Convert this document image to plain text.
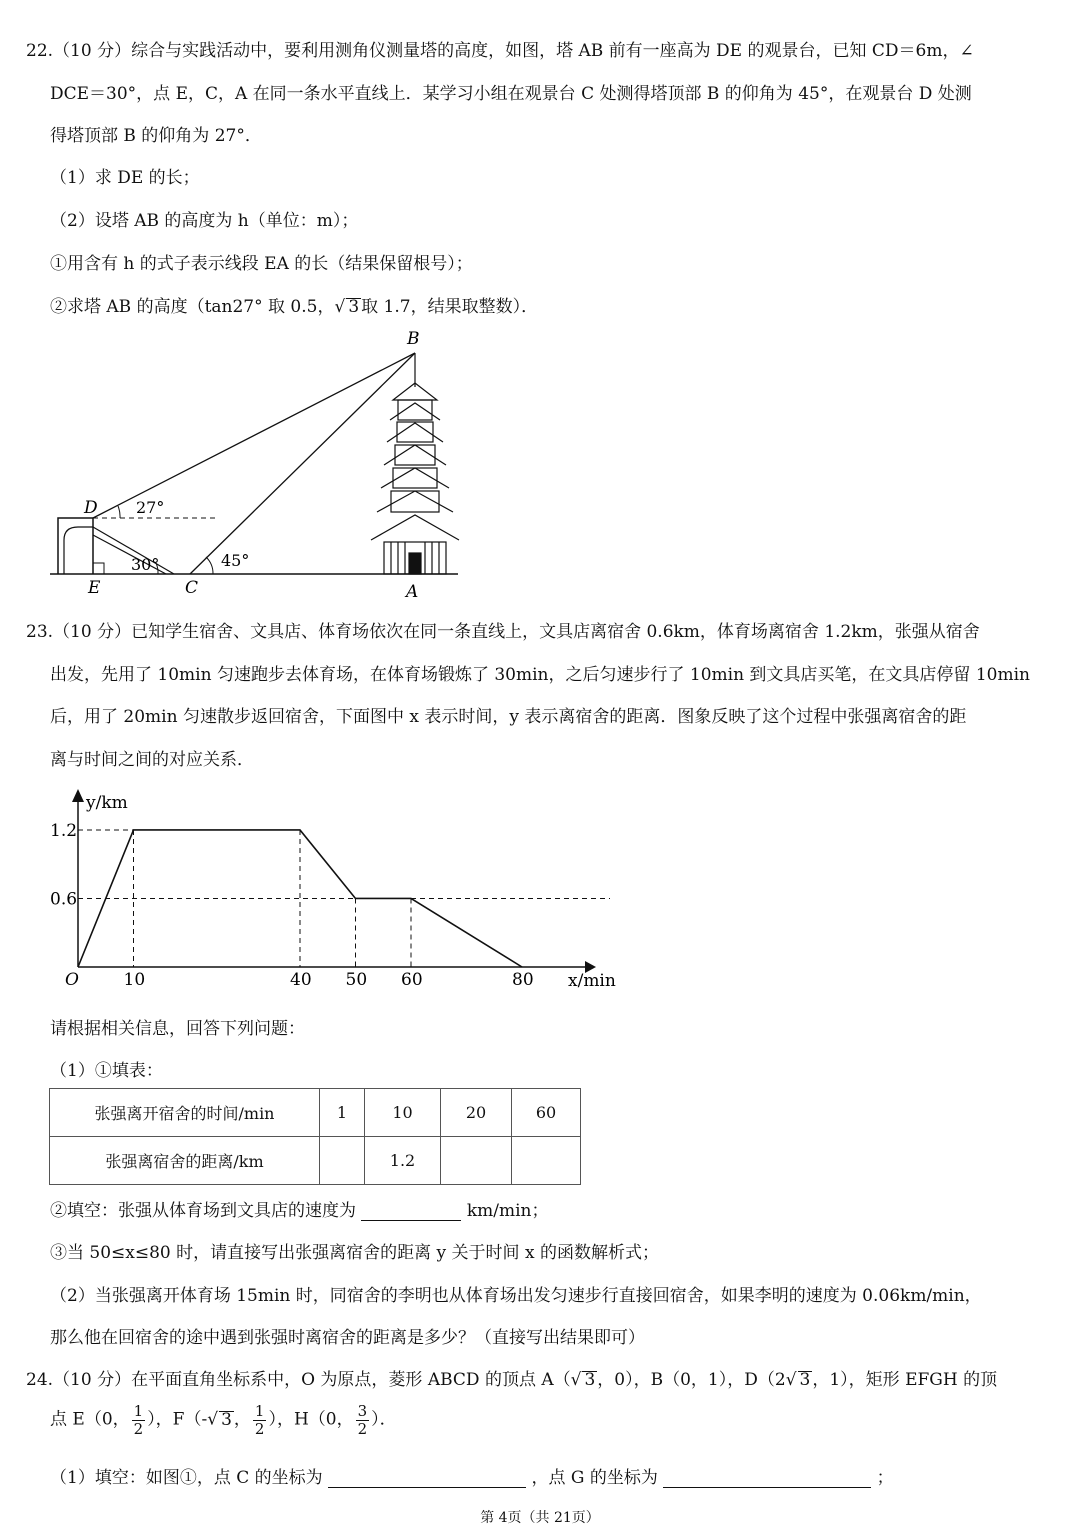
22.（10 分）综合与实践活动中，要利用测角仪测量塔的高度，如图，塔 AB 前有一座高为 DE 的观景台，已知 CD＝6m，∠
DCE＝30°，点 E，C，A 在同一条水平直线上．某学习小组在观景台 C 处测得塔顶部 B 的仰角为 45°，在观景台 D 处测
得塔顶部 B 的仰角为 27°．
（1）求 DE 的长；
（2）设塔 AB 的高度为 h（单位：m）；
①用含有 h 的式子表示线段 EA 的长（结果保留根号）；
②求塔 AB 的高度（tan27° 取 0.5，√ 3 取 1.7，结果取整数）．
B
D
E	C	A
27°
30°	45°
23.（10 分）已知学生宿舍、文具店、体育场依次在同一条直线上，文具店离宿舍 0.6km，体育场离宿舍 1.2km，张强从宿舍
出发，先用了 10min 匀速跑步去体育场，在体育场锻炼了 30min，之后匀速步行了 10min 到文具店买笔，在文具店停留 10min
后，用了 20min 匀速散步返回宿舍，下面图中 x 表示时间，y 表示离宿舍的距离．图象反映了这个过程中张强离宿舍的距
离与时间之间的对应关系．
y/km
x/min
O
1.2
0.6
10	40 50 60	80
请根据相关信息，回答下列问题：
（1）①填表：
张强离开宿舍的时间/min	1	10	20	60
张强离宿舍的距离/km		1.2		
②填空：张强从体育场到文具店的速度为	km/min；
③当 50≤x≤80 时，请直接写出张强离宿舍的距离 y 关于时间 x 的函数解析式；
（2）当张强离开体育场 15min 时，同宿舍的李明也从体育场出发匀速步行直接回宿舍，如果李明的速度为 0.06km/min，
那么他在回宿舍的途中遇到张强时离宿舍的距离是多少？（直接写出结果即可）
24.（10 分）在平面直角坐标系中，O 为原点，菱形 ABCD 的顶点 A（√ 3 ，0），B（0，1），D（2√ 3 ，1），矩形 EFGH 的顶
点 E（0， $\frac{1}{2}$ ），F（-√ 3 ， $\frac{1}{2}$ ），H（0， $\frac{3}{2}$ ）．
（1）填空：如图①，点 C 的坐标为	，点 G 的坐标为	；
第 4页（共 21页）
